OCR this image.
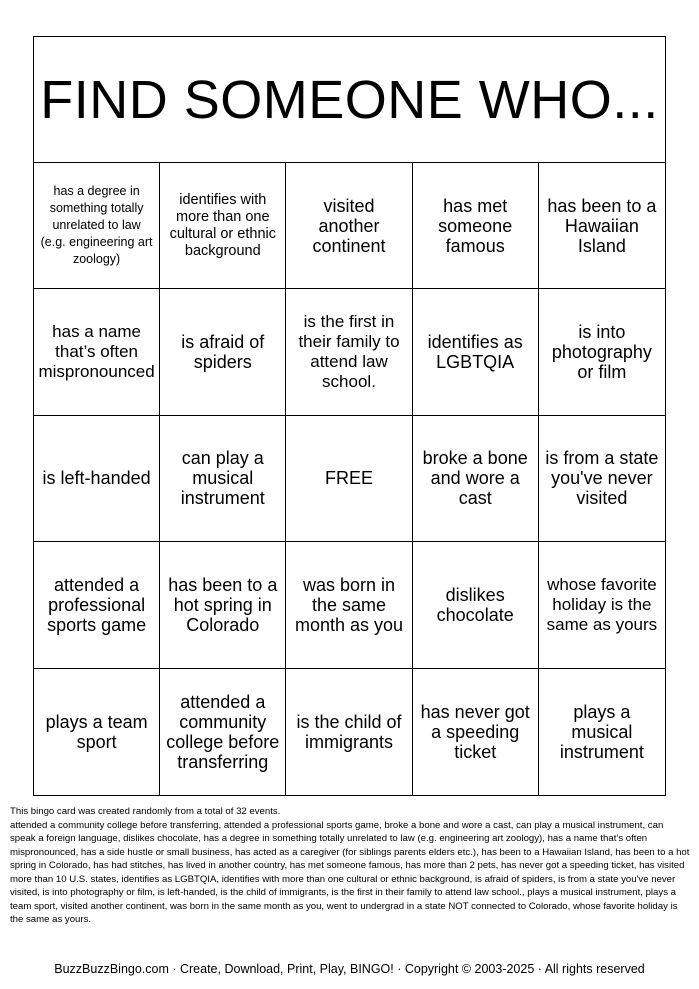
FIND SOMEONE WHO...
has a degree in something totally unrelated to law (e.g. engineering art zoology)
identifies with more than one cultural or ethnic background
visited another continent
has met someone famous
has been to a Hawaiian Island
has a name that’s often mispronounced
is afraid of spiders
is the first in their family to attend law school.
identifies as LGBTQIA
is into photography or film
is left-handed
can play a musical instrument
FREE
broke a bone and wore a cast
is from a state you've never visited
attended a professional sports game
has been to a hot spring in Colorado
was born in the same month as you
dislikes chocolate
whose favorite holiday is the same as yours
plays a team sport
attended a community college before transferring
is the child of immigrants
has never got a speeding ticket
plays a musical instrument

This bingo card was created randomly from a total of 32 events.

attended a community college before transferring, attended a professional sports game, broke a bone and wore a cast, can play a musical instrument, can speak a foreign language, dislikes chocolate, has a degree in something totally unrelated to law (e.g. engineering art zoology), has a name that’s often mispronounced, has a side hustle or small business, has acted as a caregiver (for siblings parents elders etc.), has been to a Hawaiian Island, has been to a hot spring in Colorado, has had stitches, has lived in another country, has met someone famous, has more than 2 pets, has never got a speeding ticket, has visited more than 10 U.S. states, identifies as LGBTQIA, identifies with more than one cultural or ethnic background, is afraid of spiders, is from a state you've never visited, is into photography or film, is left-handed, is the child of immigrants, is the first in their family to attend law school., plays a musical instrument, plays a team sport, visited another continent, was born in the same month as you, went to undergrad in a state NOT connected to Colorado, whose favorite holiday is the same as yours.

BuzzBuzzBingo.com · Create, Download, Print, Play, BINGO! · Copyright © 2003-2025 · All rights reserved
